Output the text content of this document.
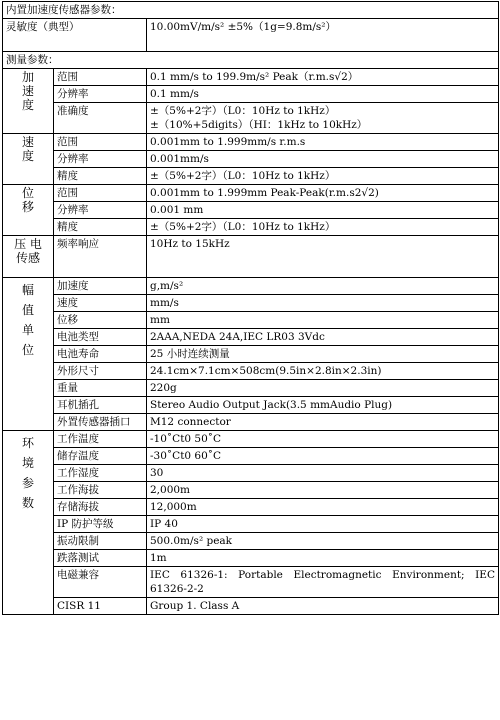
内置加速度传感器参数：		
灵敏度（典型）		10.00mV/m/s² ±5%（1g=9.8m/s²）
测量参数：		
加
速
度	范围	0.1 mm/s to 199.9m/s² Peak（r.m.s√2）
	分辨率	0.1 mm/s
	准确度	±（5%+2字）（L0：10Hz to 1kHz）
±（10%+5digits）（HI：1kHz to 10kHz）
速
度	范围	0.001mm to 1.999mm/s r.m.s
	分辨率	0.001mm/s
	精度	±（5%+2字）（L0：10Hz to 1kHz）
位
移	范围	0.001mm to 1.999mm Peak-Peak(r.m.s2√2)
	分辨率	0.001 mm
	精度	±（5%+2字）（L0：10Hz to 1kHz）
压 电
传感	频率响应	10Hz to 15kHz
幅
值
单
位	加速度	g,m/s²
	速度	mm/s
	位移	mm
	电池类型	2AAA,NEDA 24A,IEC LR03 3Vdc
	电池寿命	25 小时连续测量
	外形尺寸	24.1cm×7.1cm×508cm(9.5in×2.8in×2.3in)
	重量	220g
	耳机插孔	Stereo Audio Output Jack(3.5 mmAudio Plug)
	外置传感器插口	M12 connector
环
境
参
数	工作温度	-10˚Ct0 50˚C
	储存温度	-30˚Ct0 60˚C
	工作湿度	30
	工作海拔	2,000m
	存储海拔	12,000m
	IP 防护等级	IP 40
	振动限制	500.0m/s² peak
	跌落测试	1m
	电磁兼容	IEC 61326-1: Portable Electromagnetic Environment; IEC 61326-2-2
	CISR 11	Group 1. Class A
